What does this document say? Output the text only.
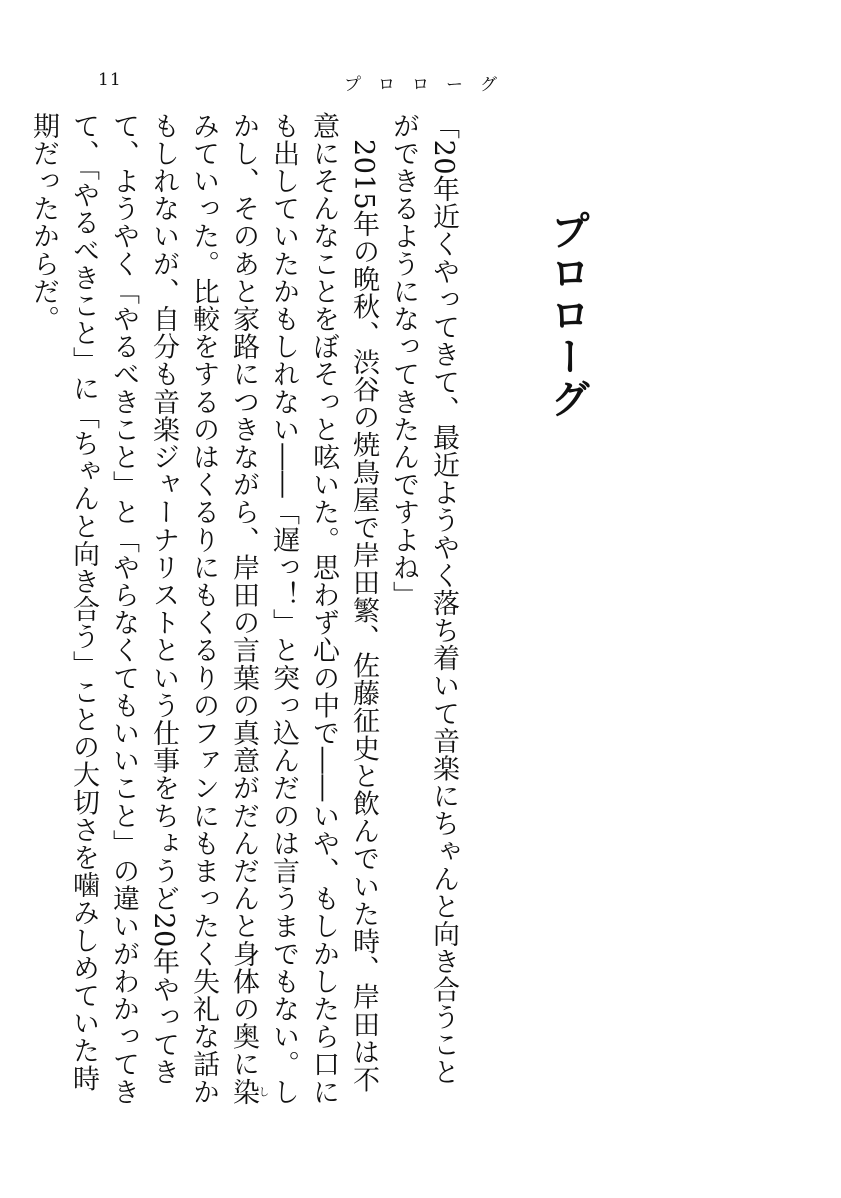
11	プロローグ
プロローグ

「20年近くやってきて、最近ようやく落ち着いて音楽にちゃんと向き合うことができるようになってきたんですよね」

2015年の晩秋、渋谷の焼鳥屋で岸田繁、佐藤征史と飲んでいた時、岸田は不意にそんなことをぼそっと呟いた。思わず心の中で――いや、もしかしたら口にも出していたかもしれない――「遅っ！」と突っ込んだのは言うまでもない。しかし、そのあと家路につきながら、岸田の言葉の真意がだんだんと身体の奥に染しみていった。比較をするのはくるりにもくるりのファンにもまったく失礼な話かもしれないが、自分も音楽ジャーナリストという仕事をちょうど20年やってきて、ようやく「やるべきこと」と「やらなくてもいいこと」の違いがわかってきて、「やるべきこと」に「ちゃんと向き合う」ことの大切さを噛みしめていた時期だったからだ。
